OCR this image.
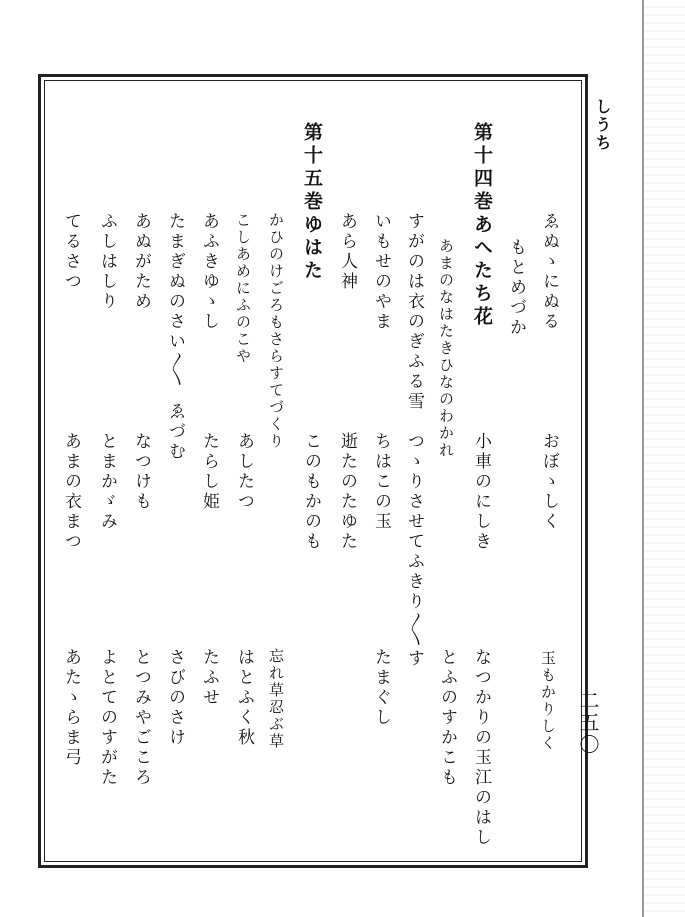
しうち
二五〇
ゑぬゝにぬる
おぼゝしく
玉もかりしく
もとめづか
第十四巻あへたち花
小車のにしき
なつかりの玉江のはし
あまのなはたきひなのわかれ
とふのすかこも
すがのは衣のぎふる雪
つゝりさせてふきり〳〵す
いもせのやま
ちはこの玉
たまぐし
あら人神
逝たのたゆた
第十五巻ゆはた
このもかのも
かひのけごろもさらすてづくり
忘れ草忍ぶ草
こしあめにふのこや
あしたつ
はとふく秋
あふきゆゝし
たらし姫
たふせ
たまぎぬのさい〳〵
ゑづむ
さびのさけ
あぬがため
なつけも
とつみやごころ
ふしはしり
とまかゞみ
よとてのすがた
てるさつ
あまの衣まつ
あたゝらま弓
